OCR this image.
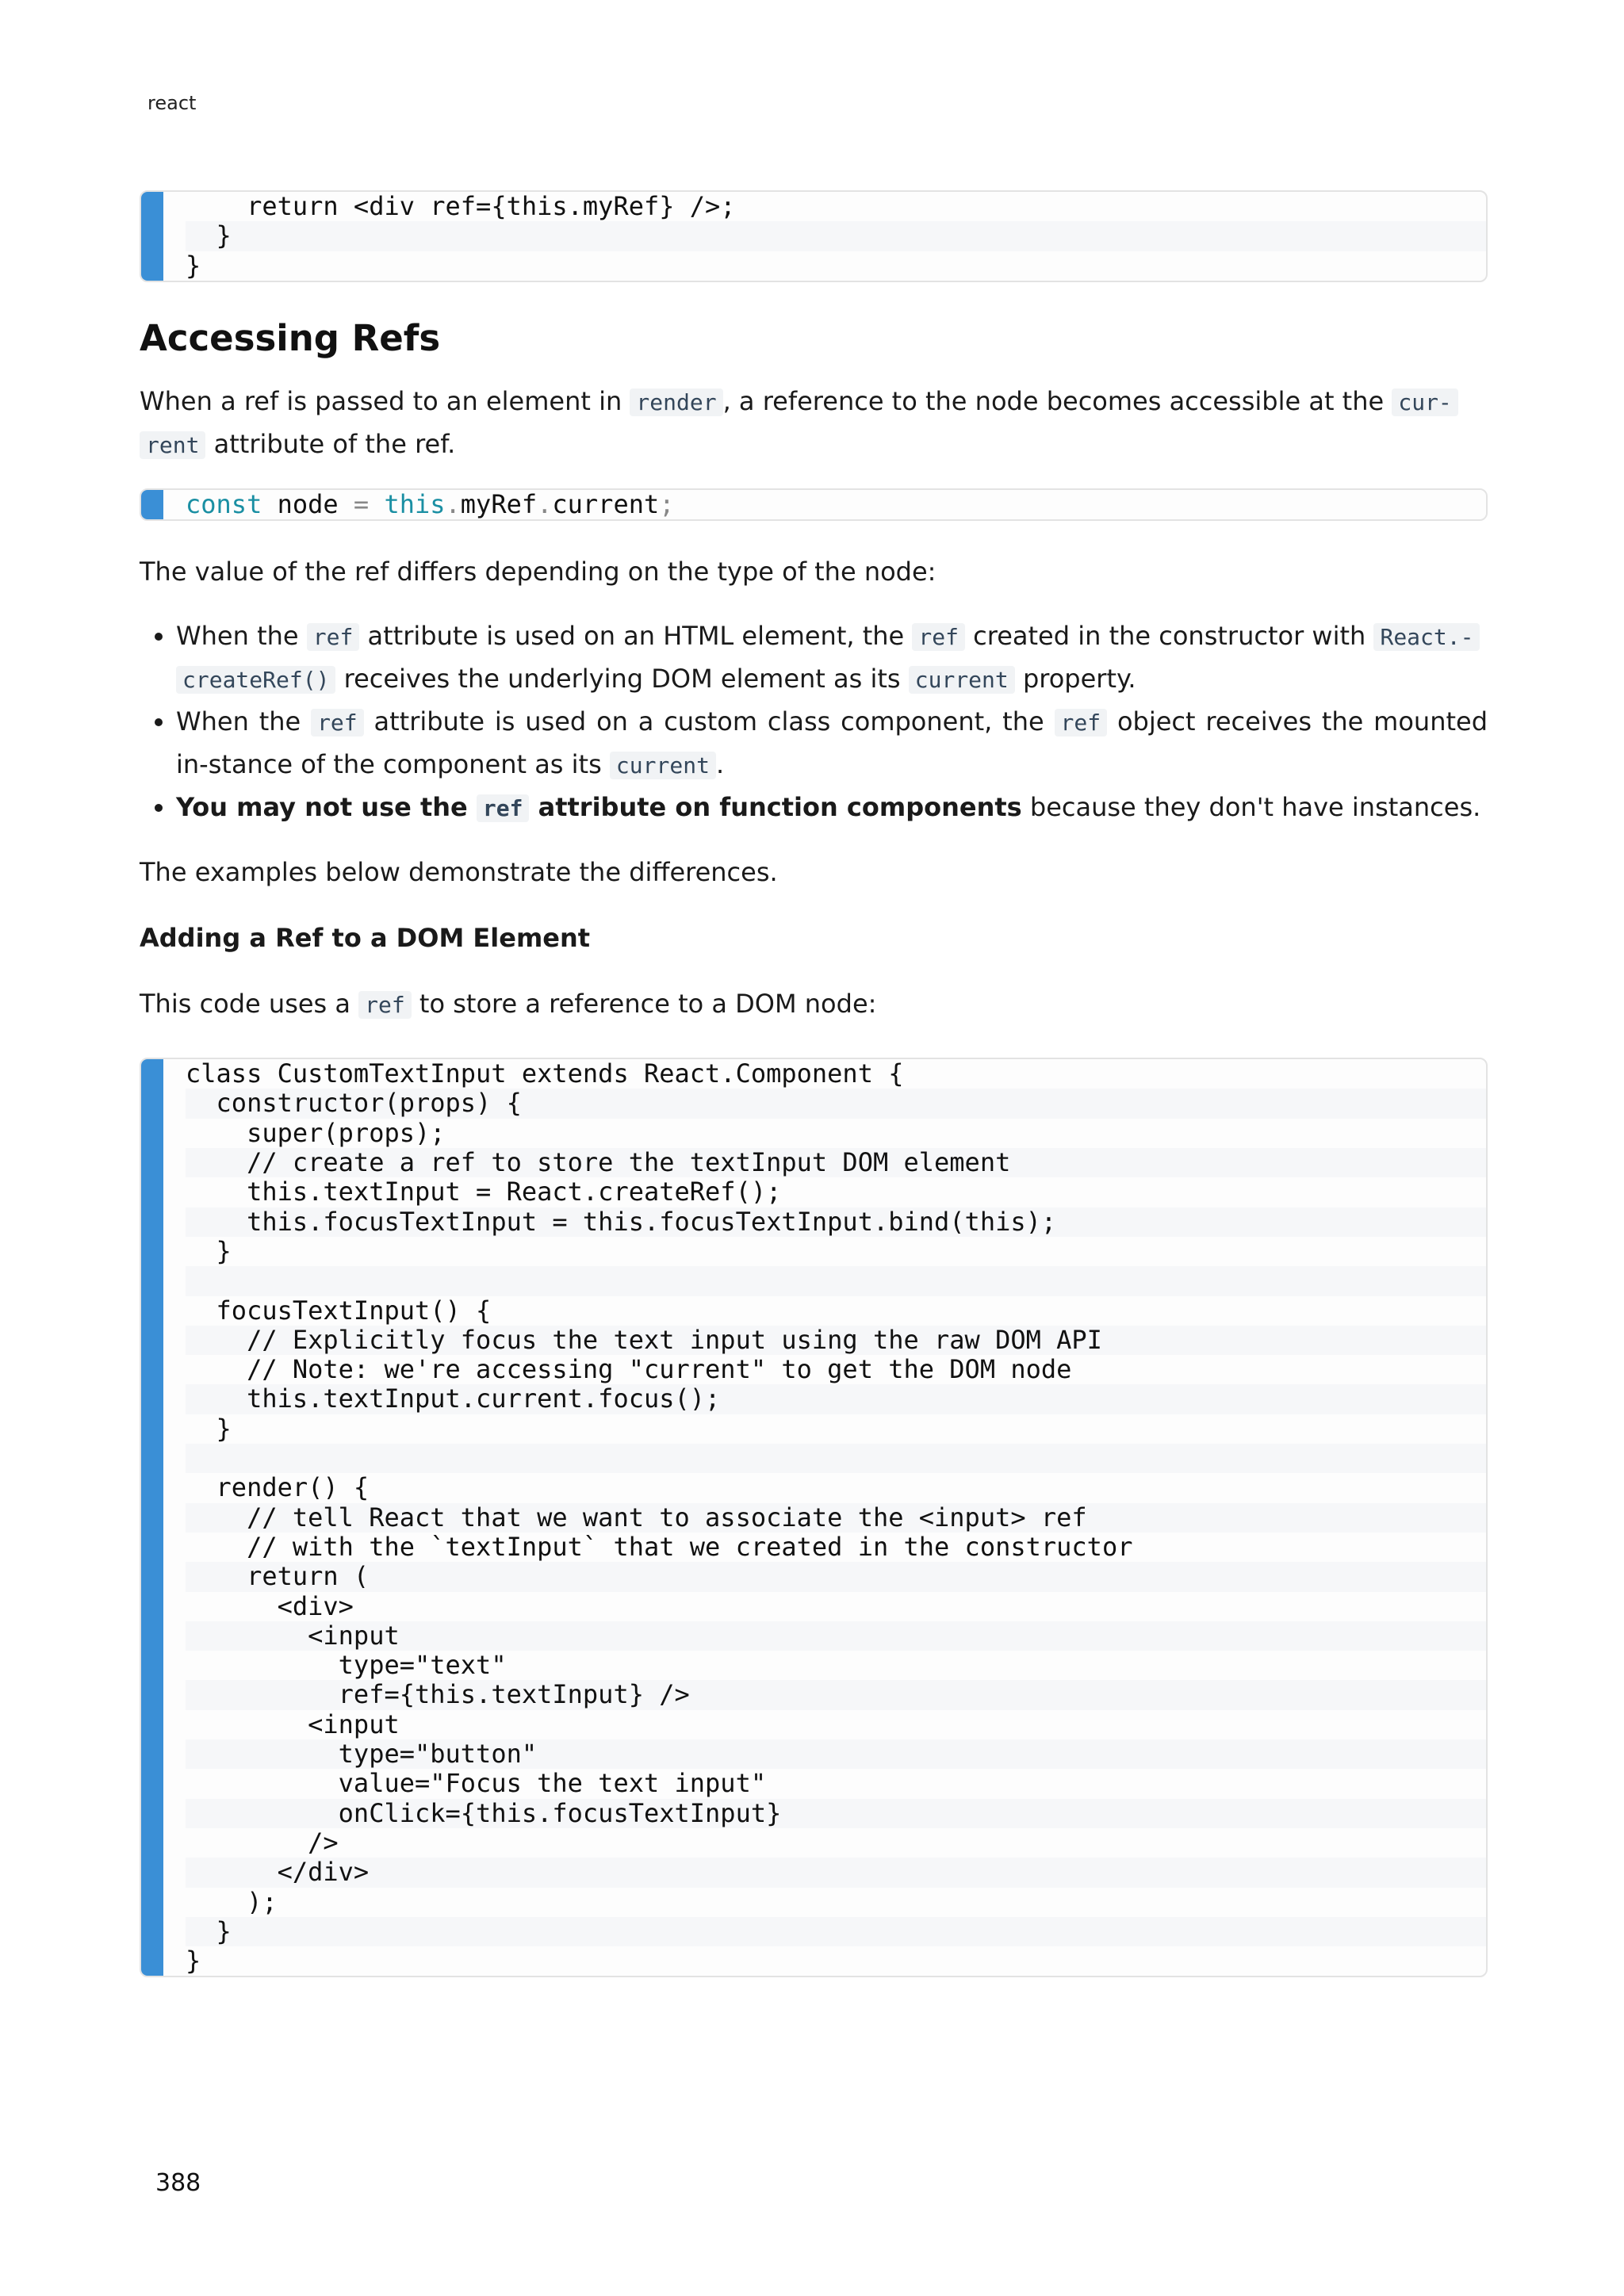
react
return <div ref={this.myRef} />;
}
}
Accessing Refs

When a ref is passed to an element in render , a reference to the node becomes accessible at the cur-
rent attribute of the ref.

const node = this.myRef.current;

The value of the ref differs depending on the type of the node:

• When the ref attribute is used on an HTML element, the ref created in the constructor with React.-
createRef() receives the underlying DOM element as its current property.
• When the ref attribute is used on a custom class component, the ref object receives the mounted in-stance of the component as its current .
• You may not use the ref attribute on function components because they don't have instances.

The examples below demonstrate the differences.

Adding a Ref to a DOM Element

This code uses a ref to store a reference to a DOM node:

class CustomTextInput extends React.Component {
constructor(props) {
super(props);
// create a ref to store the textInput DOM element
this.textInput = React.createRef();
this.focusTextInput = this.focusTextInput.bind(this);
}

focusTextInput() {
// Explicitly focus the text input using the raw DOM API
// Note: we're accessing "current" to get the DOM node
this.textInput.current.focus();
}

render() {
// tell React that we want to associate the <input> ref
// with the `textInput` that we created in the constructor
return (
<div>
<input
type="text"
ref={this.textInput} />
<input
type="button"
value="Focus the text input"
onClick={this.focusTextInput}
/>
</div>
);
}
}
388
